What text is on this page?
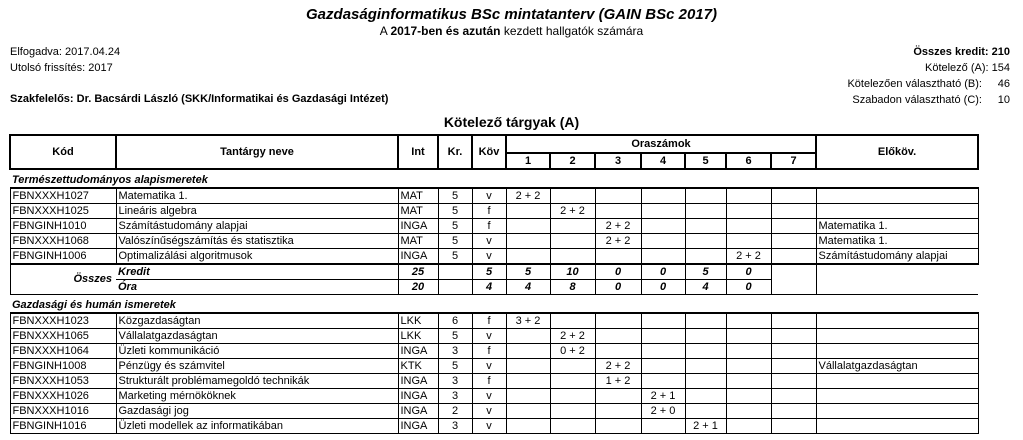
Gazdaságinformatikus BSc mintatanterv (GAIN BSc 2017)
A 2017-ben és azután kezdett hallgatók számára
Elfogadva: 2017.04.24
Utolsó frissítés: 2017
Összes kredit: 210
Kötelező (A): 154
Kötelezően választható (B): 46
Szabadon választható (C): 10
Szakfelelős: Dr. Bacsárdi László (SKK/Informatikai és Gazdasági Intézet)
Kötelező tárgyak (A)
Kód	Tantárgy neve	Int	Kr.	Köv	Oraszámok							Előköv.
					1	2	3	4	5	6	7	
Természettudományos alapismeretek												
FBNXXXH1027	Matematika 1.	MAT	5	v	2 + 2							
FBNXXXH1025	Lineáris algebra	MAT	5	f		2 + 2						
FBNGINH1010	Számítástudomány alapjai	INGA	5	f			2 + 2					Matematika 1.
FBNXXXH1068	Valószínűségszámítás és statisztika	MAT	5	v			2 + 2					Matematika 1.
FBNGINH1006	Optimalizálási algoritmusok	INGA	5	v						2 + 2		Számítástudomány alapjai
Összes	Kredit	25		5	5	10	0	0	5	0		
	Óra	20		4	4	8	0	0	4	0		
Gazdasági és humán ismeretek												
FBNXXXH1023	Közgazdaságtan	LKK	6	f	3 + 2							
FBNXXXH1065	Vállalatgazdaságtan	LKK	5	v		2 + 2						
FBNXXXH1064	Üzleti kommunikáció	INGA	3	f		0 + 2						
FBNGINH1008	Pénzügy és számvitel	KTK	5	v			2 + 2					Vállalatgazdaságtan
FBNXXXH1053	Strukturált problémamegoldó technikák	INGA	3	f			1 + 2					
FBNXXXH1026	Marketing mérnököknek	INGA	3	v				2 + 1				
FBNXXXH1016	Gazdasági jog	INGA	2	v				2 + 0				
FBNGINH1016	Üzleti modellek az informatikában	INGA	3	v					2 + 1			
